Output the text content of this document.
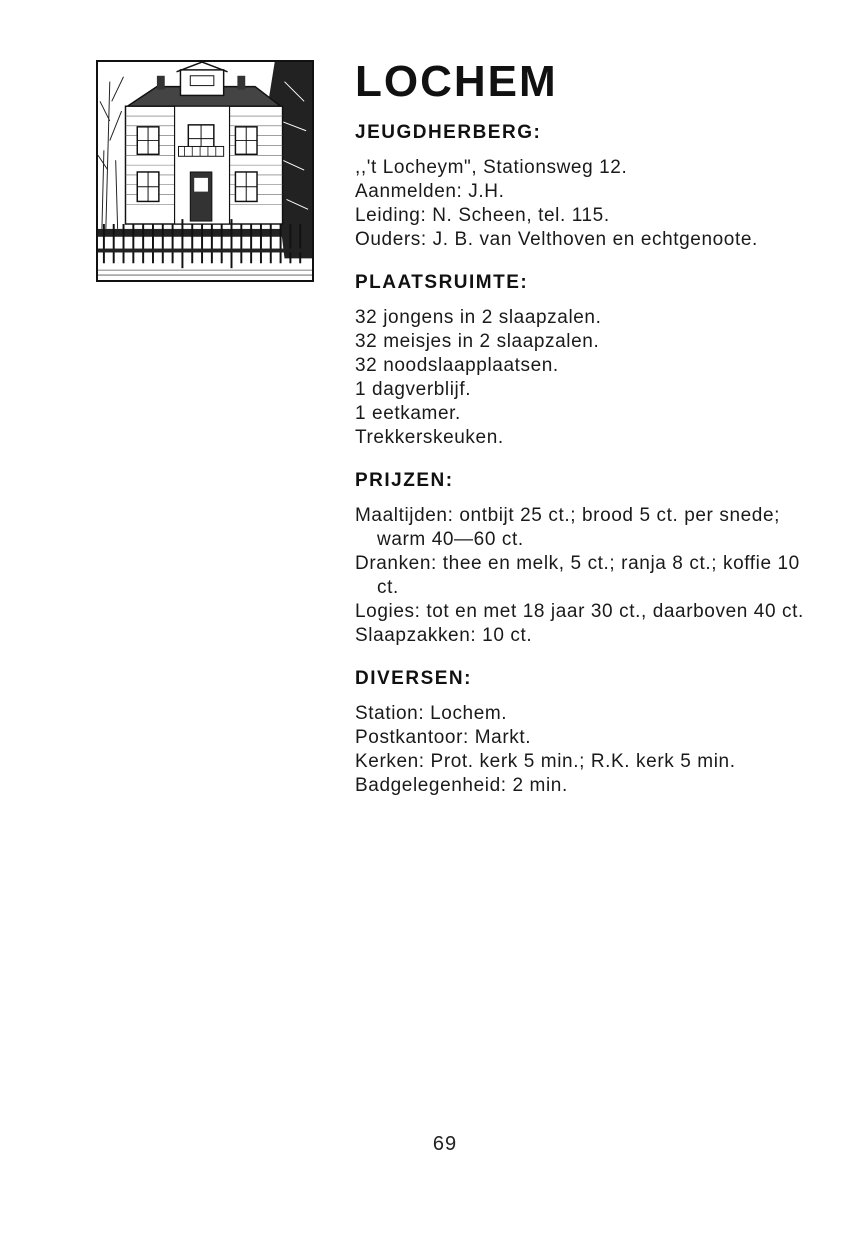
LOCHEM
JEUGDHERBERG:
,,'t Locheym", Stationsweg 12.
Aanmelden: J.H.
Leiding: N. Scheen, tel. 115.
Ouders: J. B. van Velthoven en echtgenoote.
PLAATSRUIMTE:
32 jongens in 2 slaapzalen.
32 meisjes in 2 slaapzalen.
32 noodslaapplaatsen.
1 dagverblijf.
1 eetkamer.
Trekkerskeuken.
PRIJZEN:
Maaltijden: ontbijt 25 ct.; brood 5 ct. per snede; warm 40—60 ct.
Dranken: thee en melk, 5 ct.; ranja 8 ct.; koffie 10 ct.
Logies: tot en met 18 jaar 30 ct., daarboven 40 ct.
Slaapzakken: 10 ct.
DIVERSEN:
Station: Lochem.
Postkantoor: Markt.
Kerken: Prot. kerk 5 min.; R.K. kerk 5 min.
Badgelegenheid: 2 min.
69
